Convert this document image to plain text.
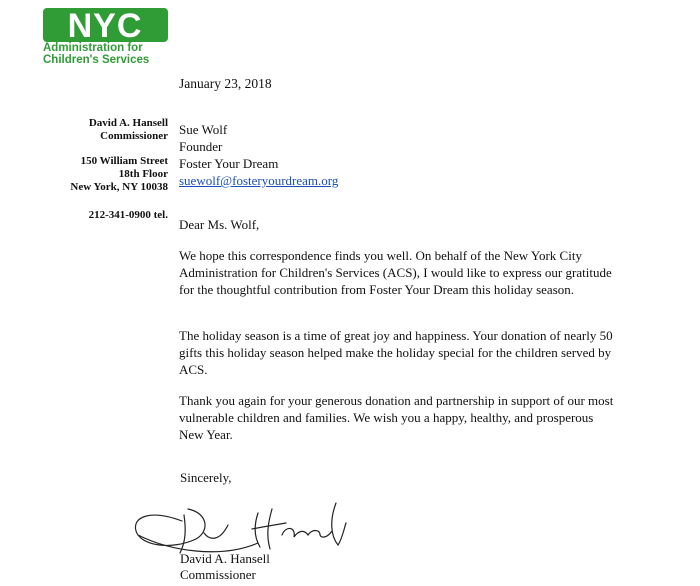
NYC
Administration for
Children's Services
January 23, 2018
David A. Hansell
Commissioner
150 William Street
18th Floor
New York, NY 10038
212-341-0900 tel.
Sue Wolf
Founder
Foster Your Dream
suewolf@fosteryourdream.org
Dear Ms. Wolf,

We hope this correspondence finds you well. On behalf of the New York City Administration for Children's Services (ACS), I would like to express our gratitude for the thoughtful contribution from Foster Your Dream this holiday season.

The holiday season is a time of great joy and happiness. Your donation of nearly 50 gifts this holiday season helped make the holiday special for the children served by ACS.

Thank you again for your generous donation and partnership in support of our most vulnerable children and families. We wish you a happy, healthy, and prosperous New Year.

Sincerely,
David A. Hansell
Commissioner
